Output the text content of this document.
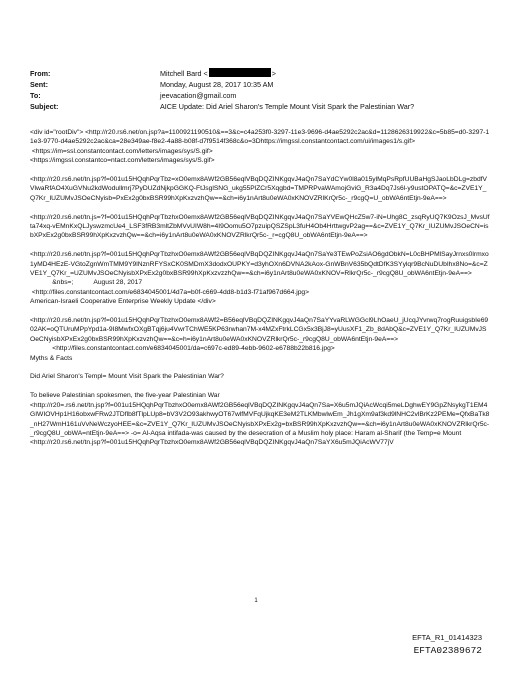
From:	Mitchell Bard <	>
Sent:	Monday, August 28, 2017 10:35 AM
To:	jeevacation@gmail.com
Subject:	AICE Update: Did Ariel Sharon's Temple Mount Visit Spark the Palestinian War?
<div id="rootDiv"> <http://r20.rs6.net/on.jsp?a=1100921190510&==3&c=c4a253f0-3297-11e3-9696-d4ae5292c2ac&d=1128626319922&c=5b85=d0-3297-11e3-9770-d4ae5292c2ac&ca=28e349ae-f8e2-4a88-b08f-d7f9514f368c&o=3Dhttps://imgssl.constantcontact.com/ui/images1/s.gif>
<https://im=ssl.constantcontact.com/letters/images/sys/S.gif>
<https://imgssl.constantco=ntact.com/letters/images/sys/S.gif>
<http://r20.rs6.net/tn.jsp?f=001u15HQqhPqrTbz=xO0emx8AWf2GB56eqlVBqDQZINKgqvJ4aQn7SaYdCYw0l8a015ylMqPsRpfUUBaHgSJaoLbDLg=zbdfVVlwaRfAO4XuGVNu2kdWodullmrj7PyDUZdNjkpGGKQ-FtJsglSNG_ukg55PlZCr5Xqgbd=TMPRPvaWAmojGviG_R3a4Dq7Js6l-y9ustOPATQ=&c=ZVE1Y_Q7Kr_IUZUMvJSOeCNyisb=PxEx2g0bxBSR99hXpKxzvzhQw==&ch=i6y1nArt8u0eWA0xKNOVZRlKrQr5c-_r9cgQ=U_obWA6ntEtjn-9eA==>
<http://r20.rs6.net/tn.js=?f=001u15HQqhPqrTbzhxO0emx8AWf2GB56eqlVBqDQZINKgqvJ4aQn7SaYVEwQHcZ5w7-iN=Uhg8C_zsqRyUQ7K9OzsJ_MvsUfta74xq-vEMnKxQLJyswzmcUe4_LSF3fRB3mltZbMVvUIW8h=4I9Oomu5O7pzuipQSZSpL3fuH4Ob4HrttwgvP2ag==&c=ZVE1Y_Q7Kr_IUZUMvJSOeCN=isbXPxEx2g0bxBSR99hXpKxzvzhQw==&ch=i6y1nArt8u0eWA0xKNOVZRlkrQr5c-_r=cgQ8U_obWA6ntEtjn-9eA==>
<http://r20.rs6.net/tn.jsp?f=001u15HQqhPqrTbzhxO0emx8AWf2GB56eqlVBqDQZINKgqvJ4aQn7SaYe3TEwPoZsiAO6gdObkN=L0cBHPMlSayJrnxs0lrmxo1yMD4HEzE-VGtoZgnWmTMM9Y9lNznRFYSxCK0SMDmX3dodxOUPKY=d3yhOXn6DVNA2kAox-GnWBnV635bQdtDfK3SYylqr9BcNuDUbIhx8No=&c=ZVE1Y_Q7Kr_=UZUMvJSOeCNyisbXPxEx2g0bxBSR99hXpKxzvzzhQw==&ch=i6y1nArt8u0eWA0xKNOV=RlkrQr5c-_r9cgQ8U_obWA6ntEtjn-9eA==>
&nbs=;           August 28, 2017
<http://files.constantcontact.com/e6834045001/4d7a=b0f-c669-4dd8-b1d3-f71af967d664.jpg>
American-Israeli Cooperative Enterprise Weekly Update </div>
<http://r20.rs6.net/tn.jsp?f=001u15HQqhPqrTbzhxO0emx8AWf2=B56eqlVBqDQZINKgqvJ4aQn7SaYYvaRLWGGcl9LhOaeU_jUcqJYvrwq7rogRuuigsbIe6902AK=oQTUruMPpYpd1a-9I8MwfxOXgBTqj6ju4VwrTChWE5KP63rwhan7M-x4MZxFtrkLCGx5x3BjJ8=yUusXF1_Zb_8dAbQ&c=ZVE1Y_Q7Kr_IUZUMvJSOeCNyisbXPxEx2g0bxBSR99hXpKxzvzhQw==&c=h=i6y1nArt8u0eWA0xKNOVZRlkrQr5c-_r9cgQ8U_obWA6ntEtjn-9eA==>
<http://files.constantcontact.com/e6834045001/da=c697c-ed89-4ebb-9602-e6788b22b816.jpg>
Myths & Facts
Did Ariel Sharon's Templ= Mount Visit Spark the Palestinian War?
To believe Palestinian spokesmen, the five-year Palestinian War
<http://r20=.rs6.net/tn.jsp?f=001u15HQqhPqrTbzhxO0emx8AWf2GB56eqlVBqDQZINKgqvJ4aQn7Sa=X6u5mJQiAcWcqi5meLDghwEY9GpZNsykgT1EM4GIWIOVHp1H16obxwFRw2JTDflb8fTlpLUp8=bV3V2O93akhwyOT67wlfMVFqUjkqKE3eM2TLKMbwlwEm_Jh1gXm9af3kd9lNHC2vlBrKz2PEMe=QfxBaTk8_nH27WmH161uVvNeWczyoHEE=&c=ZVE1Y_Q7Kr_IUZUMvJSOeCNyisbXPxEx2g=bxBSR99hXpKxzvzhQw==&ch=i6y1nArt8u0eWA0xKNOVZRlkrQr5c-_r9cgQ8U_obWA=ntEtjn-9eA==> -o= Al-Aqsa intifada-was caused by the desecration of a Muslim holy place: Haram al-Sharif (the Temp=e Mount
<http://r20.rs6.net/tn.jsp?f=001u15HQqhPqrTbzhxO0emx8AWf2GB56eqlVBqDQZINKgqvJ4aQn7SaYX6u5mJQiAcWV77jV
1
EFTA_R1_01414323
EFTA02389672
